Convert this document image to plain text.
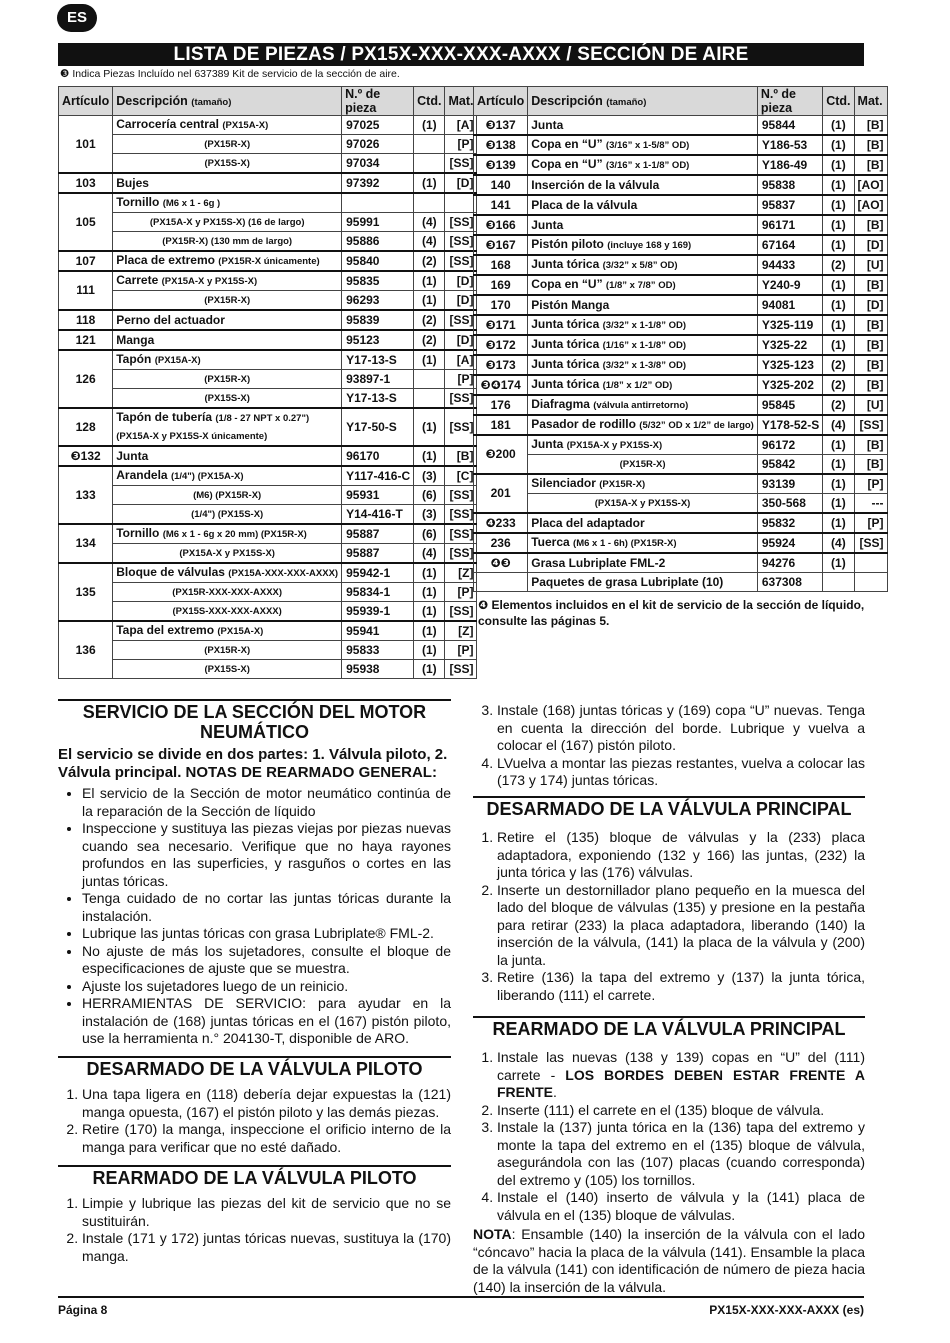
ES
LISTA DE PIEZAS / PX15X-XXX-XXX-AXXX / SECCIÓN DE AIRE
❸ Indica Piezas Incluído nel 637389 Kit de servicio de la sección de aire.
Artículo	Descripción (tamaño)	N.º de pieza	Ctd.	Mat.
101	Carrocería central (PX15A-X)	97025	(1)	[A]
	(PX15R-X)	97026		[P]
	(PX15S-X)	97034		[SS]
103	Bujes	97392	(1)	[D]
105	Tornillo (M6 x 1 - 6g )			
	(PX15A-X y PX15S-X) (16 de largo)	95991	(4)	[SS]
	(PX15R-X) (130 mm de largo)	95886	(4)	[SS]
107	Placa de extremo (PX15R-X únicamente)	95840	(2)	[SS]
111	Carrete (PX15A-X y PX15S-X)	95835	(1)	[D]
	(PX15R-X)	96293	(1)	[D]
118	Perno del actuador	95839	(2)	[SS]
121	Manga	95123	(2)	[D]
126	Tapón (PX15A-X)	Y17-13-S	(1)	[A]
	(PX15R-X)	93897-1		[P]
	(PX15S-X)	Y17-13-S		[SS]
128	Tapón de tubería (1/8 - 27 NPT x 0.27")
(PX15A-X y PX15S-X únicamente)	Y17-50-S	(1)	[SS]
❸132	Junta	96170	(1)	[B]
133	Arandela (1/4") (PX15A-X)	Y117-416-C	(3)	[C]
	(M6) (PX15R-X)	95931	(6)	[SS]
	(1/4") (PX15S-X)	Y14-416-T	(3)	[SS]
134	Tornillo (M6 x 1 - 6g x 20 mm) (PX15R-X)	95887	(6)	[SS]
	(PX15A-X y PX15S-X)	95887	(4)	[SS]
135	Bloque de válvulas (PX15A-XXX-XXX-AXXX)	95942-1	(1)	[Z]
	(PX15R-XXX-XXX-AXXX)	95834-1	(1)	[P]
	(PX15S-XXX-XXX-AXXX)	95939-1	(1)	[SS]
136	Tapa del extremo (PX15A-X)	95941	(1)	[Z]
	(PX15R-X)	95833	(1)	[P]
	(PX15S-X)	95938	(1)	[SS]
Artículo	Descripción (tamaño)	N.º de pieza	Ctd.	Mat.
❸137	Junta	95844	(1)	[B]
❸138	Copa en “U” (3/16” x 1-5/8” OD)	Y186-53	(1)	[B]
❸139	Copa en “U” (3/16” x 1-1/8” OD)	Y186-49	(1)	[B]
140	Inserción de la válvula	95838	(1)	[AO]
141	Placa de la válvula	95837	(1)	[AO]
❸166	Junta	96171	(1)	[B]
❸167	Pistón piloto (incluye 168 y 169)	67164	(1)	[D]
168	Junta tórica (3/32” x 5/8” OD)	94433	(2)	[U]
169	Copa en “U” (1/8” x 7/8” OD)	Y240-9	(1)	[B]
170	Pistón Manga	94081	(1)	[D]
❸171	Junta tórica (3/32” x 1-1/8” OD)	Y325-119	(1)	[B]
❸172	Junta tórica (1/16” x 1-1/8” OD)	Y325-22	(1)	[B]
❸173	Junta tórica (3/32” x 1-3/8” OD)	Y325-123	(2)	[B]
❸❹174	Junta tórica (1/8” x 1/2” OD)	Y325-202	(2)	[B]
176	Diafragma (válvula antirretorno)	95845	(2)	[U]
181	Pasador de rodillo (5/32” OD x 1/2” de largo)	Y178-52-S	(4)	[SS]
❸200	Junta (PX15A-X y PX15S-X)	96172	(1)	[B]
	(PX15R-X)	95842	(1)	[B]
201	Silenciador (PX15R-X)	93139	(1)	[P]
	(PX15A-X y PX15S-X)	350-568	(1)	---
❹233	Placa del adaptador	95832	(1)	[P]
236	Tuerca (M6 x 1 - 6h) (PX15R-X)	95924	(4)	[SS]
❹❸	Grasa Lubriplate FML-2	94276	(1)	
	Paquetes de grasa Lubriplate (10)	637308		
❹ Elementos incluidos en el kit de servicio de la sección de líquido, consulte las páginas 5.
SERVICIO DE LA SECCIÓN DEL MOTOR NEUMÁTICO
El servicio se divide en dos partes: 1. Válvula piloto, 2. Válvula principal. NOTAS DE REARMADO GENERAL:
• El servicio de la Sección de motor neumático continúa de la reparación de la Sección de líquido
• Inspeccione y sustituya las piezas viejas por piezas nuevas cuando sea necesario. Verifique que no haya rayones profundos en las superficies, y rasguños o cortes en las juntas tóricas.
• Tenga cuidado de no cortar las juntas tóricas durante la instalación.
• Lubrique las juntas tóricas con grasa Lubriplate® FML-2.
• No ajuste de más los sujetadores, consulte el bloque de especificaciones de ajuste que se muestra.
• Ajuste los sujetadores luego de un reinicio.
• HERRAMIENTAS DE SERVICIO: para ayudar en la instalación de (168) juntas tóricas en el (167) pistón piloto, use la herramienta n.° 204130-T, disponible de ARO.
DESARMADO DE LA VÁLVULA PILOTO
1. Una tapa ligera en (118) debería dejar expuestas la (121) manga opuesta, (167) el pistón piloto y las demás piezas.
2. Retire (170) la manga, inspeccione el orificio interno de la manga para verificar que no esté dañado.
REARMADO DE LA VÁLVULA PILOTO
1. Limpie y lubrique las piezas del kit de servicio que no se sustituirán.
2. Instale (171 y 172) juntas tóricas nuevas, sustituya la (170) manga.
3. Instale (168) juntas tóricas y (169) copa “U” nuevas. Tenga en cuenta la dirección del borde. Lubrique y vuelva a colocar el (167) pistón piloto.
4. LVuelva a montar las piezas restantes, vuelva a colocar las (173 y 174) juntas tóricas.
DESARMADO DE LA VÁLVULA PRINCIPAL
1. Retire el (135) bloque de válvulas y la (233) placa adaptadora, exponiendo (132 y 166) las juntas, (232) la junta tórica y las (176) válvulas.
2. Inserte un destornillador plano pequeño en la muesca del lado del bloque de válvulas (135) y presione en la pestaña para retirar (233) la placa adaptadora, liberando (140) la inserción de la válvula, (141) la placa de la válvula y (200) la junta.
3. Retire (136) la tapa del extremo y (137) la junta tórica, liberando (111) el carrete.
REARMADO DE LA VÁLVULA PRINCIPAL
1. Instale las nuevas (138 y 139) copas en “U” del (111) carrete - LOS BORDES DEBEN ESTAR FRENTE A FRENTE.
2. Inserte (111) el carrete en el (135) bloque de válvula.
3. Instale la (137) junta tórica en la (136) tapa del extremo y monte la tapa del extremo en el (135) bloque de válvula, asegurándola con las (107) placas (cuando corresponda) del extremo y (105) los tornillos.
4. Instale el (140) inserto de válvula y la (141) placa de válvula en el (135) bloque de válvulas.
NOTA: Ensamble (140) la inserción de la válvula con el lado “cóncavo” hacia la placa de la válvula (141). Ensamble la placa de la válvula (141) con identificación de número de pieza hacia (140) la inserción de la válvula.
Página 8	PX15X-XXX-XXX-AXXX (es)
